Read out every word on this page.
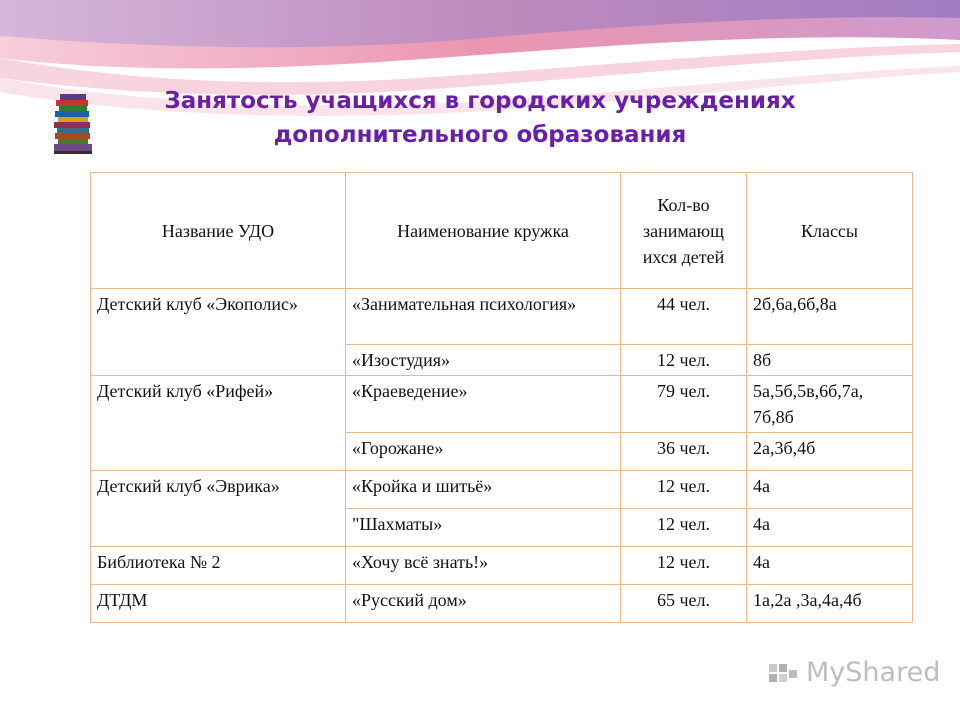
Занятость учащихся в городских учреждениях
дополнительного образования
Название УДО	Наименование кружка	Кол-во занимающ ихся детей	Классы
Детский клуб «Экополис»	«Занимательная психология»	44 чел.	2б,6а,6б,8а
	«Изостудия»	12 чел.	8б
Детский клуб «Рифей»	«Краеведение»	79 чел.	5а,5б,5в,6б,7а, 7б,8б
	«Горожане»	36 чел.	2а,3б,4б
Детский клуб «Эврика»	«Кройка и шитьё»	12 чел.	4а
	"Шахматы»	12 чел.	4а
Библиотека № 2	«Хочу всё знать!»	12 чел.	4а
ДТДМ	«Русский дом»	65 чел.	1а,2а ,3а,4а,4б
MyShared
